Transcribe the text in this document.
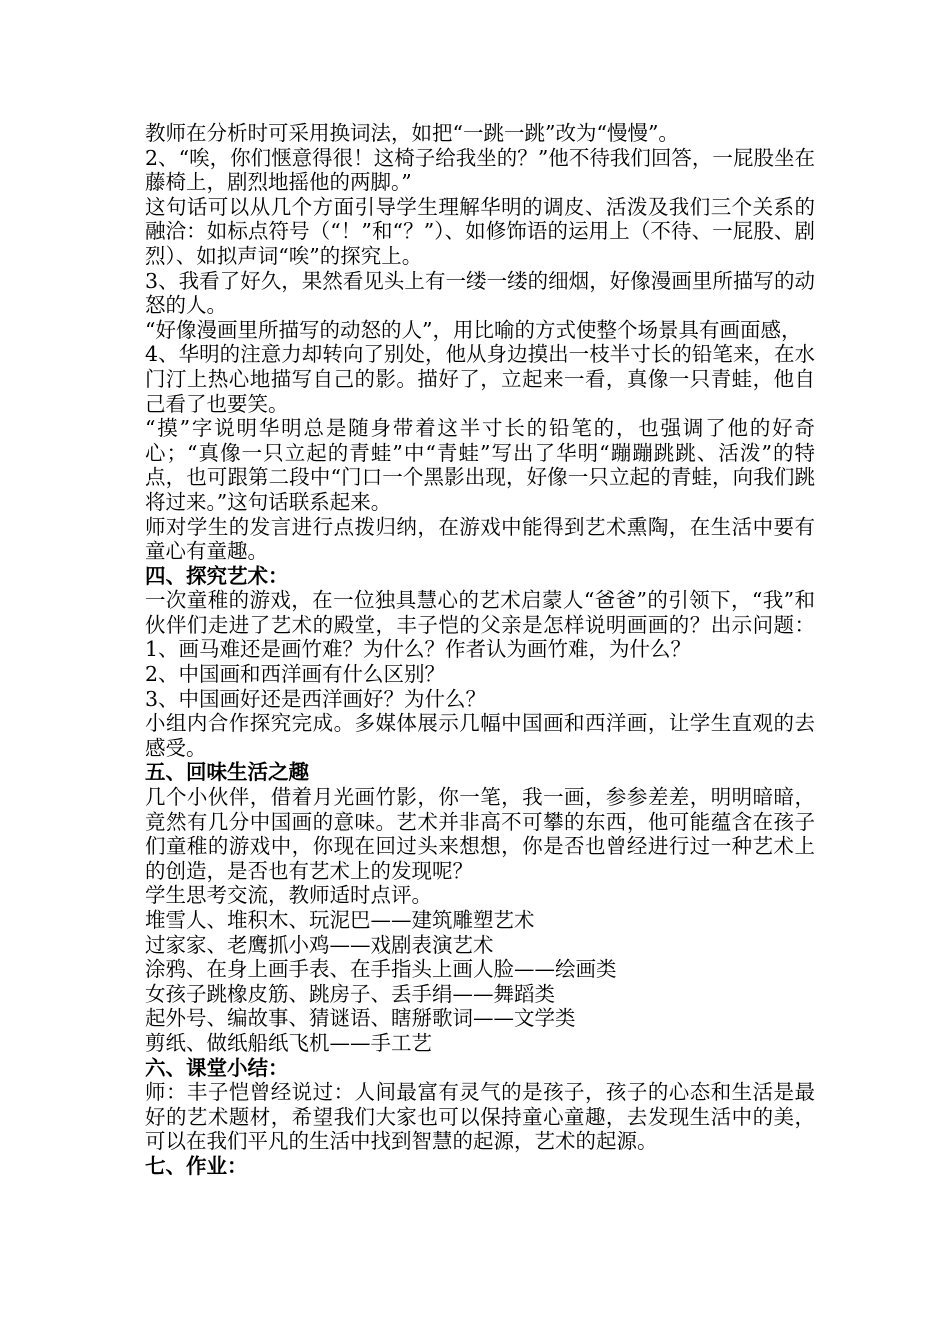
教师在分析时可采用换词法，如把“一跳一跳”改为“慢慢”。

2、“唉，你们惬意得很！这椅子给我坐的？”他不待我们回答，一屁股坐在藤椅上，剧烈地摇他的两脚。”

这句话可以从几个方面引导学生理解华明的调皮、活泼及我们三个关系的融洽：如标点符号（“！”和“？”）、如修饰语的运用上（不待、一屁股、剧烈）、如拟声词“唉”的探究上。

3、我看了好久，果然看见头上有一缕一缕的细烟，好像漫画里所描写的动怒的人。

“好像漫画里所描写的动怒的人”，用比喻的方式使整个场景具有画面感，

4、华明的注意力却转向了别处，他从身边摸出一枝半寸长的铅笔来，在水门汀上热心地描写自己的影。描好了，立起来一看，真像一只青蛙，他自己看了也要笑。

“摸”字说明华明总是随身带着这半寸长的铅笔的，也强调了他的好奇心；“真像一只立起的青蛙”中“青蛙”写出了华明“蹦蹦跳跳、活泼”的特点，也可跟第二段中“门口一个黑影出现，好像一只立起的青蛙，向我们跳将过来。”这句话联系起来。

师对学生的发言进行点拨归纳，在游戏中能得到艺术熏陶，在生活中要有童心有童趣。

四、探究艺术：

一次童稚的游戏，在一位独具慧心的艺术启蒙人“爸爸”的引领下，“我”和伙伴们走进了艺术的殿堂，丰子恺的父亲是怎样说明画画的？出示问题：1、画马难还是画竹难？为什么？作者认为画竹难，为什么？

2、中国画和西洋画有什么区别？

3、中国画好还是西洋画好？为什么？

小组内合作探究完成。多媒体展示几幅中国画和西洋画，让学生直观的去感受。

五、回味生活之趣

几个小伙伴，借着月光画竹影，你一笔，我一画，参参差差，明明暗暗，竟然有几分中国画的意味。艺术并非高不可攀的东西，他可能蕴含在孩子们童稚的游戏中，你现在回过头来想想，你是否也曾经进行过一种艺术上的创造，是否也有艺术上的发现呢？

学生思考交流，教师适时点评。

堆雪人、堆积木、玩泥巴——建筑雕塑艺术

过家家、老鹰抓小鸡——戏剧表演艺术

涂鸦、在身上画手表、在手指头上画人脸——绘画类

女孩子跳橡皮筋、跳房子、丢手绢——舞蹈类

起外号、编故事、猜谜语、瞎掰歌词——文学类

剪纸、做纸船纸飞机——手工艺

六、课堂小结：

师：丰子恺曾经说过：人间最富有灵气的是孩子，孩子的心态和生活是最好的艺术题材，希望我们大家也可以保持童心童趣，去发现生活中的美，可以在我们平凡的生活中找到智慧的起源，艺术的起源。

七、作业：
